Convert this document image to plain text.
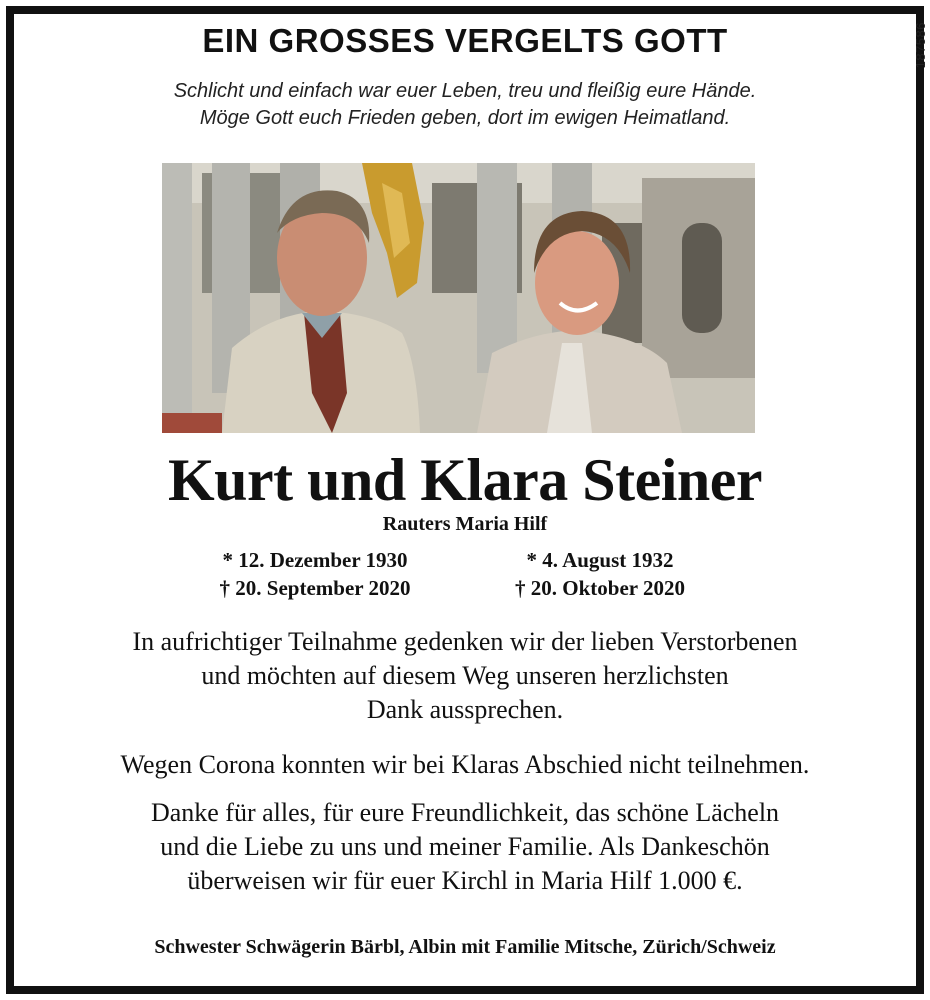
187586
EIN GROSSES VERGELTS GOTT
Schlicht und einfach war euer Leben, treu und fleißig eure Hände.
Möge Gott euch Frieden geben, dort im ewigen Heimatland.
Kurt und Klara Steiner
Rauters Maria Hilf
* 12. Dezember 1930
† 20. September 2020
* 4. August 1932
† 20. Oktober 2020
In aufrichtiger Teilnahme gedenken wir der lieben Verstorbenen
und möchten auf diesem Weg unseren herzlichsten
Dank aussprechen.
Wegen Corona konnten wir bei Klaras Abschied nicht teilnehmen.
Danke für alles, für eure Freundlichkeit, das schöne Lächeln
und die Liebe zu uns und meiner Familie. Als Dankeschön
überweisen wir für euer Kirchl in Maria Hilf 1.000 €.
Schwester Schwägerin Bärbl, Albin mit Familie Mitsche, Zürich/Schweiz
